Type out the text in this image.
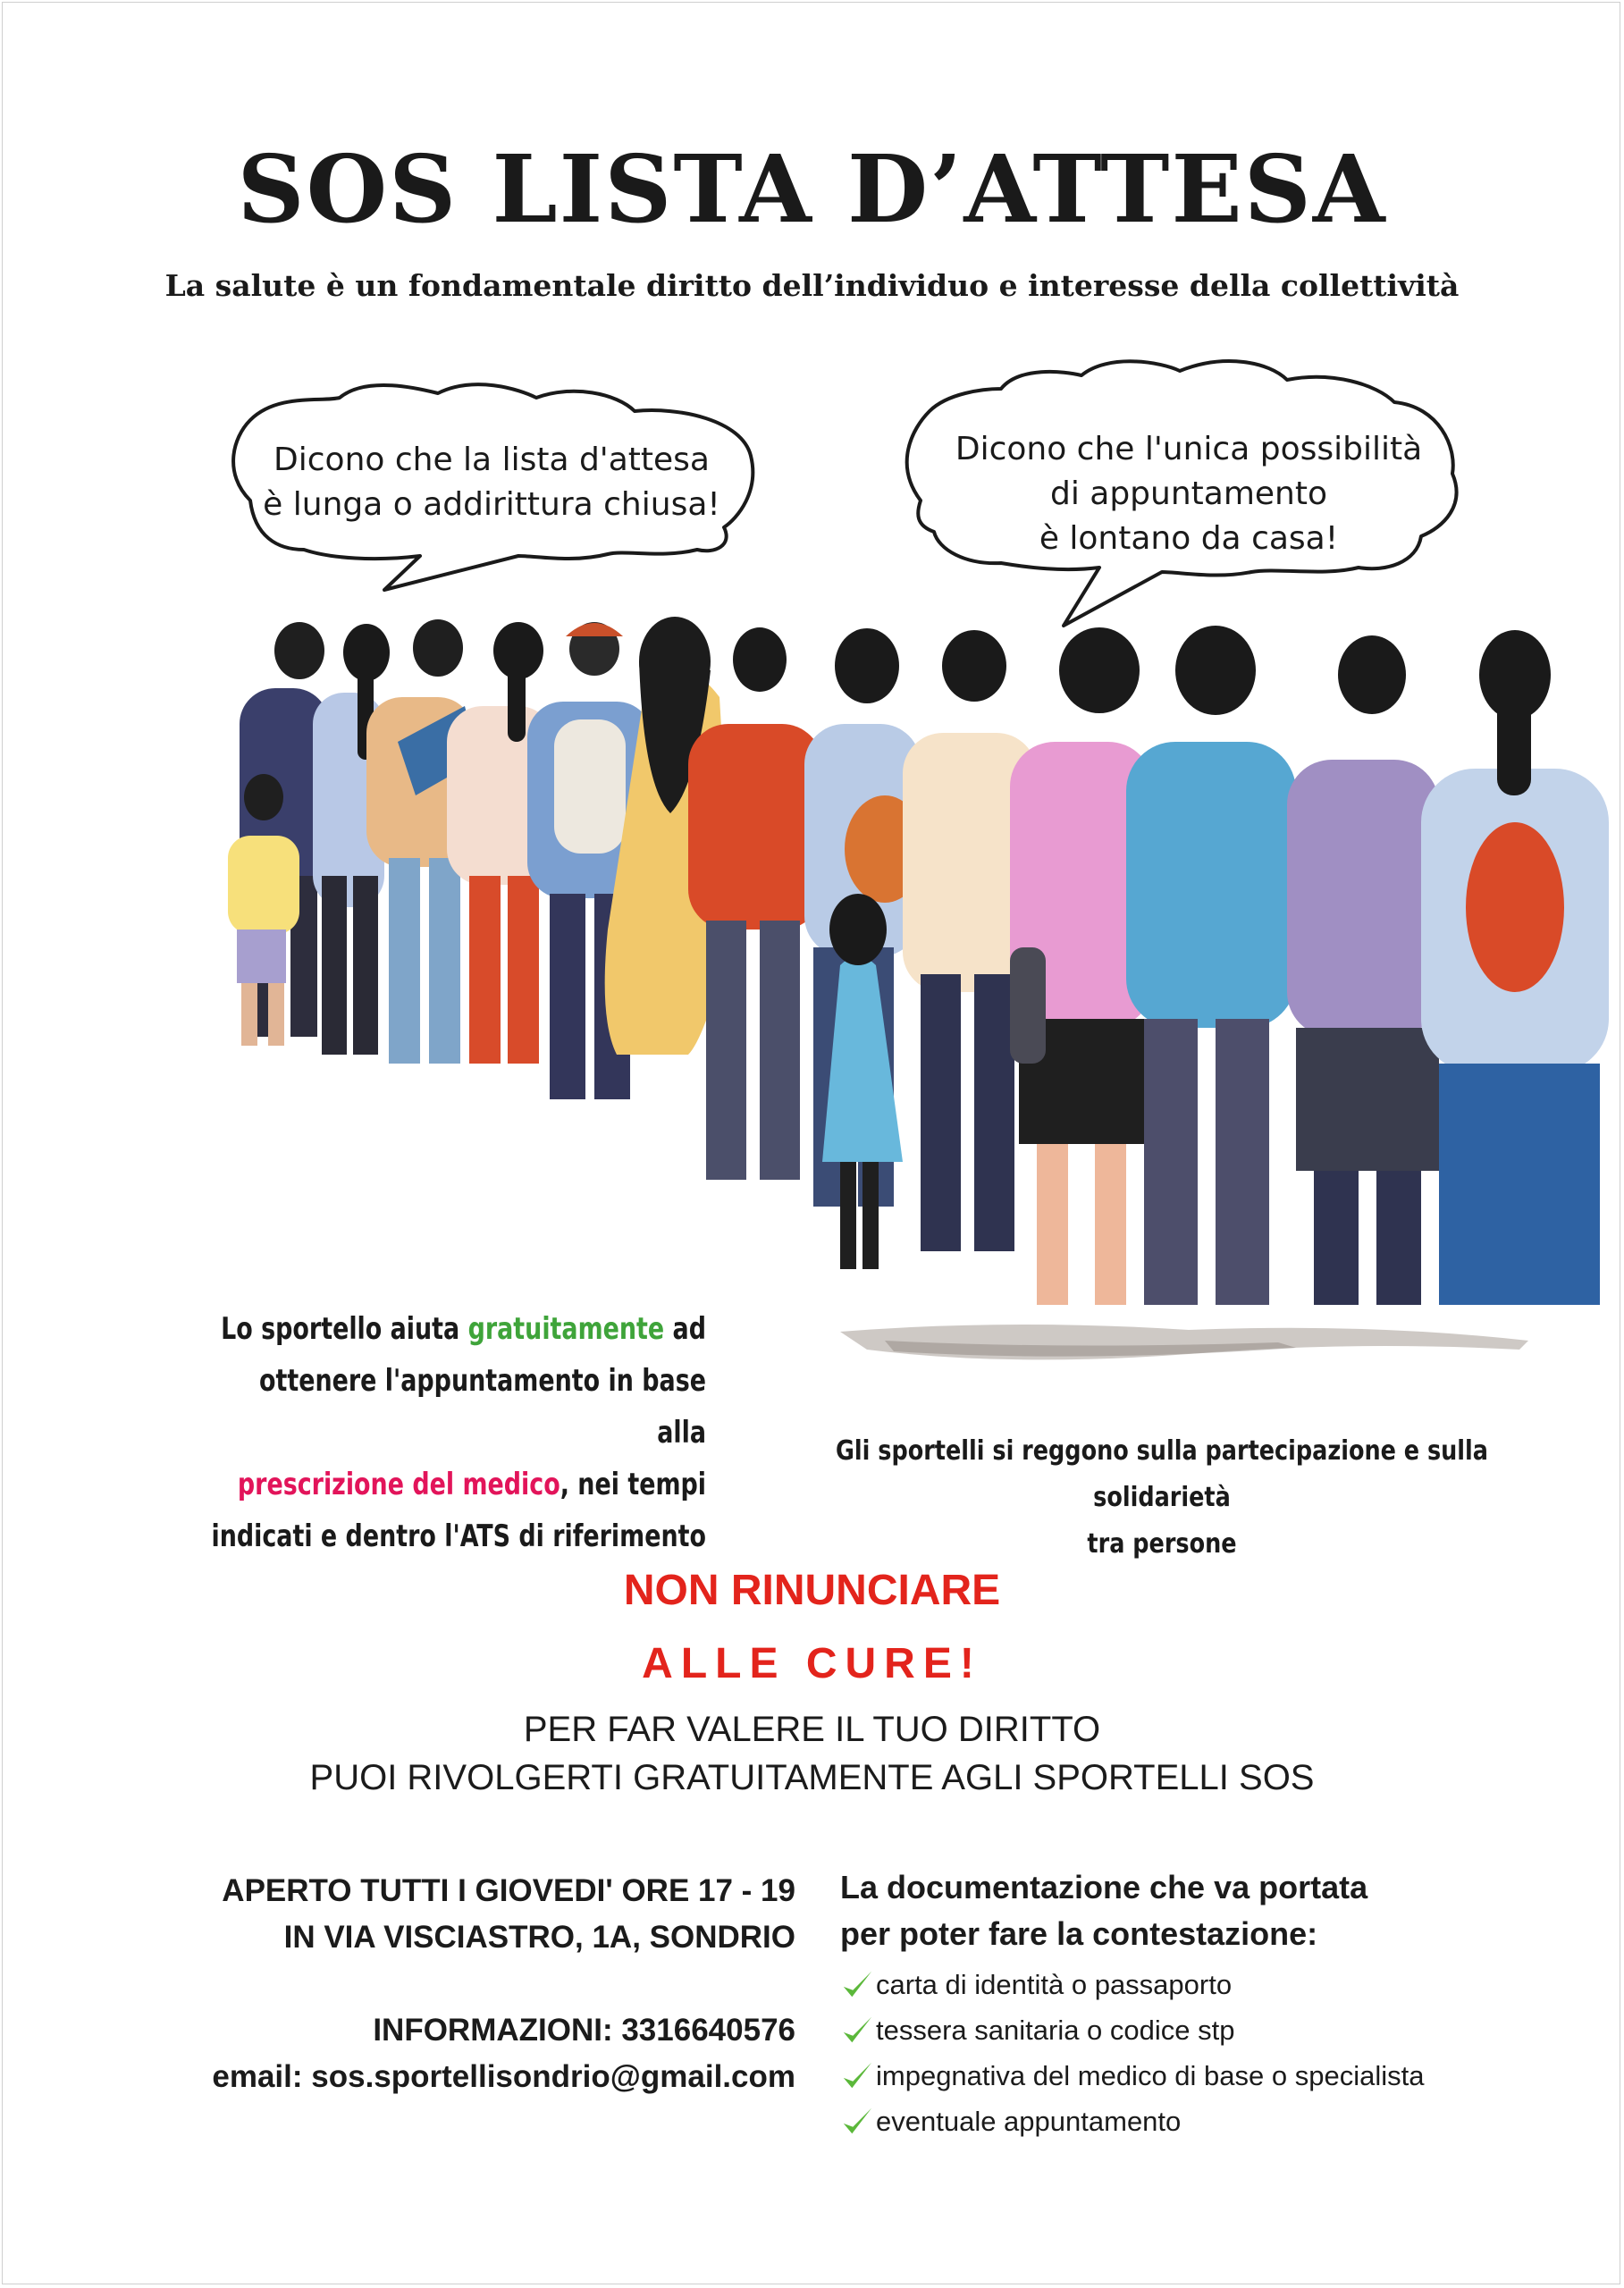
SOS LISTA D’ATTESA
La salute è un fondamentale diritto dell’individuo e interesse della collettività
Dicono che la lista d'attesa
è lunga o addirittura chiusa!
Dicono che l'unica possibilità
di appuntamento
è lontano da casa!
Lo sportello aiuta gratuitamente ad
ottenere l'appuntamento in base alla
prescrizione del medico, nei tempi
indicati e dentro l'ATS di riferimento
Gli sportelli si reggono sulla partecipazione e sulla solidarietà
tra persone
NON RINUNCIARE
ALLE CURE!
PER FAR VALERE IL TUO DIRITTO
PUOI RIVOLGERTI GRATUITAMENTE AGLI SPORTELLI SOS
APERTO TUTTI I GIOVEDI' ORE 17 - 19
IN VIA VISCIASTRO, 1A, SONDRIO
INFORMAZIONI: 3316640576
email: sos.sportellisondrio@gmail.com
La documentazione che va portata
per poter fare la contestazione:
carta di identità o passaporto
tessera sanitaria o codice stp
impegnativa del medico di base o specialista
eventuale appuntamento
